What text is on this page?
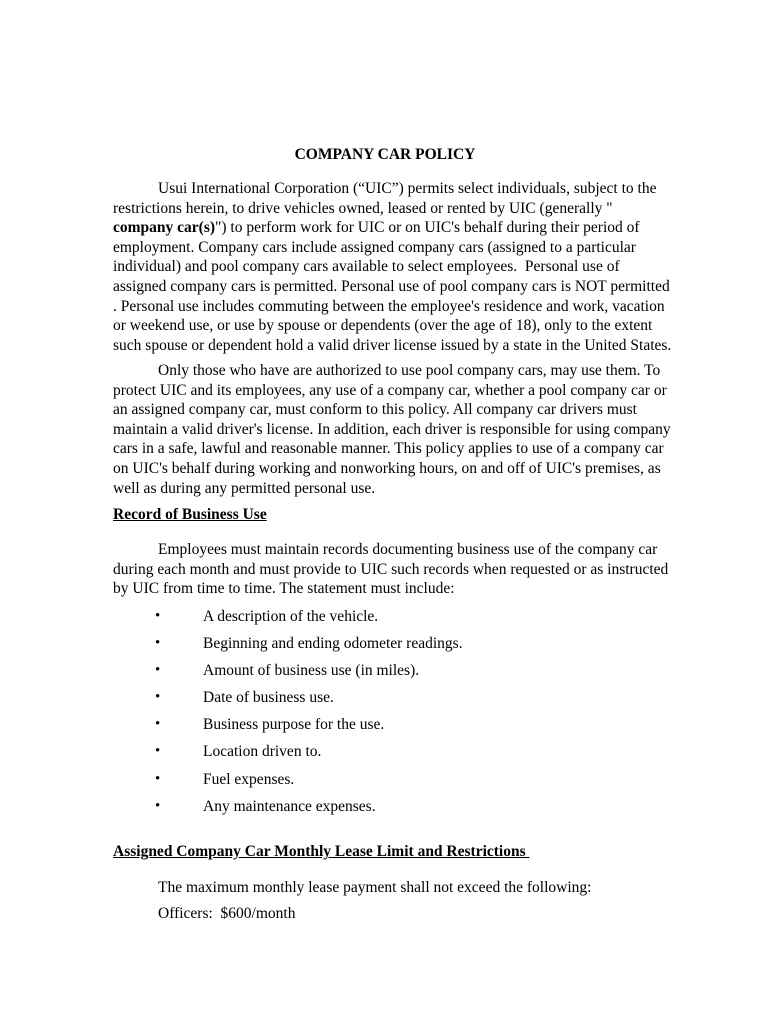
COMPANY CAR POLICY
Usui International Corporation (“UIC”) permits select individuals, subject to the
restrictions herein, to drive vehicles owned, leased or rented by UIC (generally "
company car(s)") to perform work for UIC or on UIC's behalf during their period of
employment. Company cars include assigned company cars (assigned to a particular
individual) and pool company cars available to select employees.  Personal use of
assigned company cars is permitted. Personal use of pool company cars is NOT permitted
. Personal use includes commuting between the employee's residence and work, vacation
or weekend use, or use by spouse or dependents (over the age of 18), only to the extent
such spouse or dependent hold a valid driver license issued by a state in the United States.
Only those who have are authorized to use pool company cars, may use them. To
protect UIC and its employees, any use of a company car, whether a pool company car or
an assigned company car, must conform to this policy. All company car drivers must
maintain a valid driver's license. In addition, each driver is responsible for using company
cars in a safe, lawful and reasonable manner. This policy applies to use of a company car
on UIC's behalf during working and nonworking hours, on and off of UIC's premises, as
well as during any permitted personal use.
Record of Business Use
Employees must maintain records documenting business use of the company car
during each month and must provide to UIC such records when requested or as instructed
by UIC from time to time. The statement must include:
•	A description of the vehicle.
•	Beginning and ending odometer readings.
•	Amount of business use (in miles).
•	Date of business use.
•	Business purpose for the use.
•	Location driven to.
•	Fuel expenses.
•	Any maintenance expenses.
Assigned Company Car Monthly Lease Limit and Restrictions
The maximum monthly lease payment shall not exceed the following:
Officers:  $600/month
